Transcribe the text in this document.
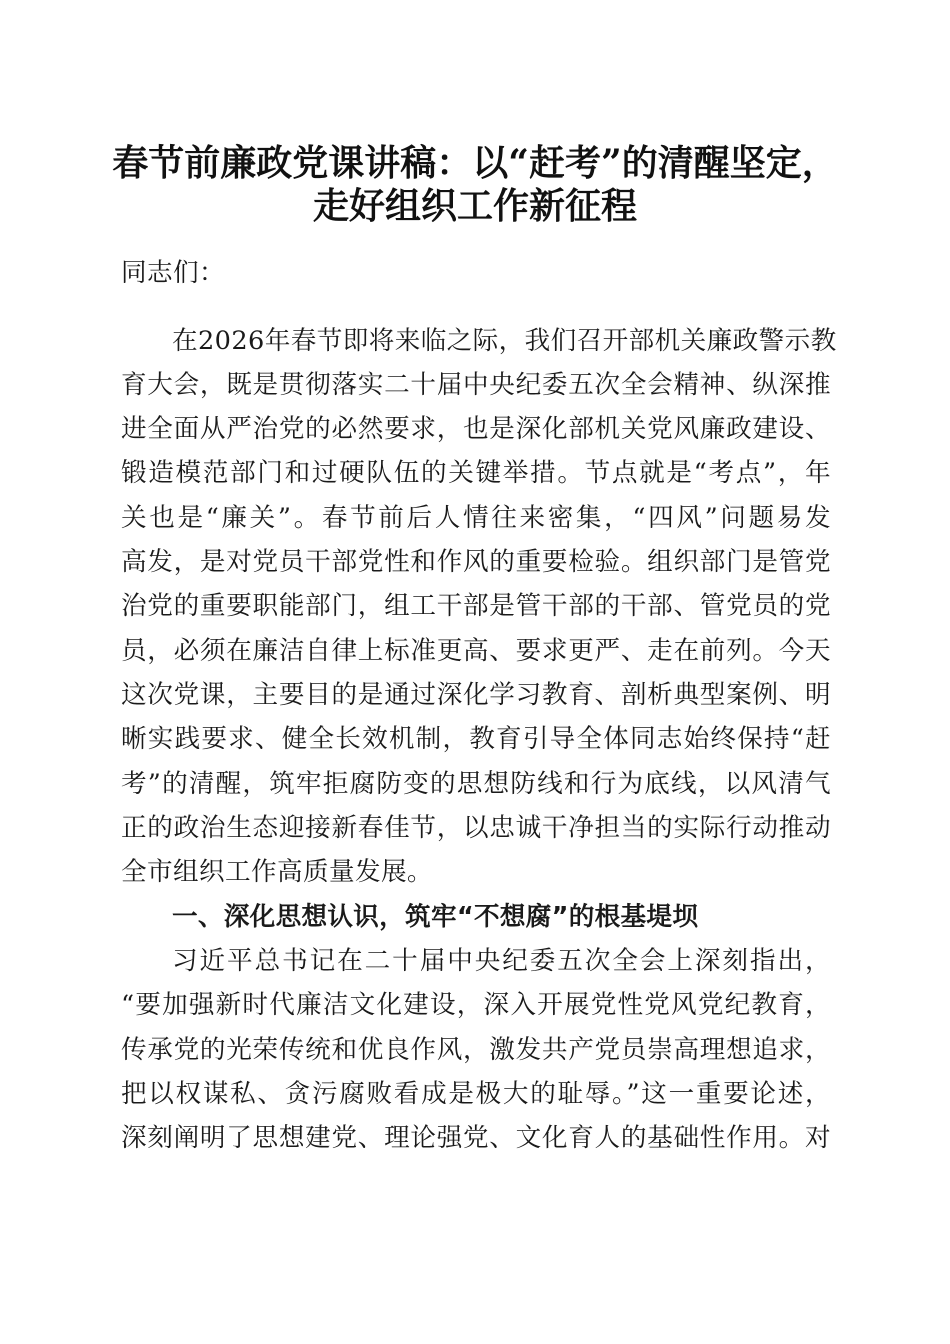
春节前廉政党课讲稿：以“赶考”的清醒坚定，
走好组织工作新征程
同志们：
在2026年春节即将来临之际，我们召开部机关廉政警示教
育大会，既是贯彻落实二十届中央纪委五次全会精神、纵深推
进全面从严治党的必然要求，也是深化部机关党风廉政建设、
锻造模范部门和过硬队伍的关键举措。节点就是“考点”，年
关也是“廉关”。春节前后人情往来密集，“四风”问题易发
高发，是对党员干部党性和作风的重要检验。组织部门是管党
治党的重要职能部门，组工干部是管干部的干部、管党员的党
员，必须在廉洁自律上标准更高、要求更严、走在前列。今天
这次党课，主要目的是通过深化学习教育、剖析典型案例、明
晰实践要求、健全长效机制，教育引导全体同志始终保持“赶
考”的清醒，筑牢拒腐防变的思想防线和行为底线，以风清气
正的政治生态迎接新春佳节，以忠诚干净担当的实际行动推动
全市组织工作高质量发展。
一、深化思想认识，筑牢“不想腐”的根基堤坝
习近平总书记在二十届中央纪委五次全会上深刻指出，
“要加强新时代廉洁文化建设，深入开展党性党风党纪教育，
传承党的光荣传统和优良作风，激发共产党员崇高理想追求，
把以权谋私、贪污腐败看成是极大的耻辱。”这一重要论述，
深刻阐明了思想建党、理论强党、文化育人的基础性作用。对
